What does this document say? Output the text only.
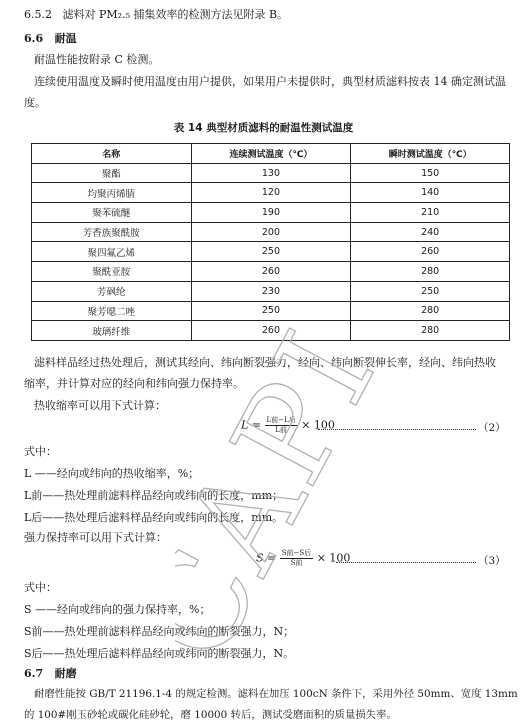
6.5.2 滤料对 PM₂.₅ 捕集效率的检测方法见附录 B。
6.6 耐温
耐温性能按附录 C 检测。
连续使用温度及瞬时使用温度由用户提供，如果用户未提供时，典型材质滤料按表 14 确定测试温
度。
表 14 典型材质滤料的耐温性测试温度
名称	连续测试温度（℃）	瞬时测试温度（℃）
聚酯	130	150
均聚丙烯腈	120	140
聚苯硫醚	190	210
芳香族聚酰胺	200	240
聚四氟乙烯	250	260
聚酰亚胺	260	280
芳砜纶	230	250
聚芳噁二唑	250	280
玻璃纤维	260	280
滤料样品经过热处理后，测试其经向、纬向断裂强力，经向、纬向断裂伸长率，经向、纬向热收
缩率，并计算对应的经向和纬向强力保持率。
热收缩率可以用下式计算：
$L = \frac{\text{L前−L后}}{\text{L前}} \times 100$	（2）
式中：
L ——经向或纬向的热收缩率，%；
L前——热处理前滤料样品经向或纬向的长度，mm；
L后——热处理后滤料样品经向或纬向的长度，mm。
强力保持率可以用下式计算：
$S = \frac{\text{S前−S后}}{\text{S前}} \times 100$	（3）
式中：
S ——经向或纬向的强力保持率，%；
S前——热处理前滤料样品经向或纬向的断裂强力，N；
S后——热处理后滤料样品经向或纬向的断裂强力，N。
6.7 耐磨
耐磨性能按 GB/T 21196.1-4 的规定检测。滤料在加压 100cN 条件下，采用外径 50mm、宽度 13mm
的 100#刚玉砂轮或碳化硅砂轮，磨 10000 转后，测试受磨面积的质量损失率。
CAPI
